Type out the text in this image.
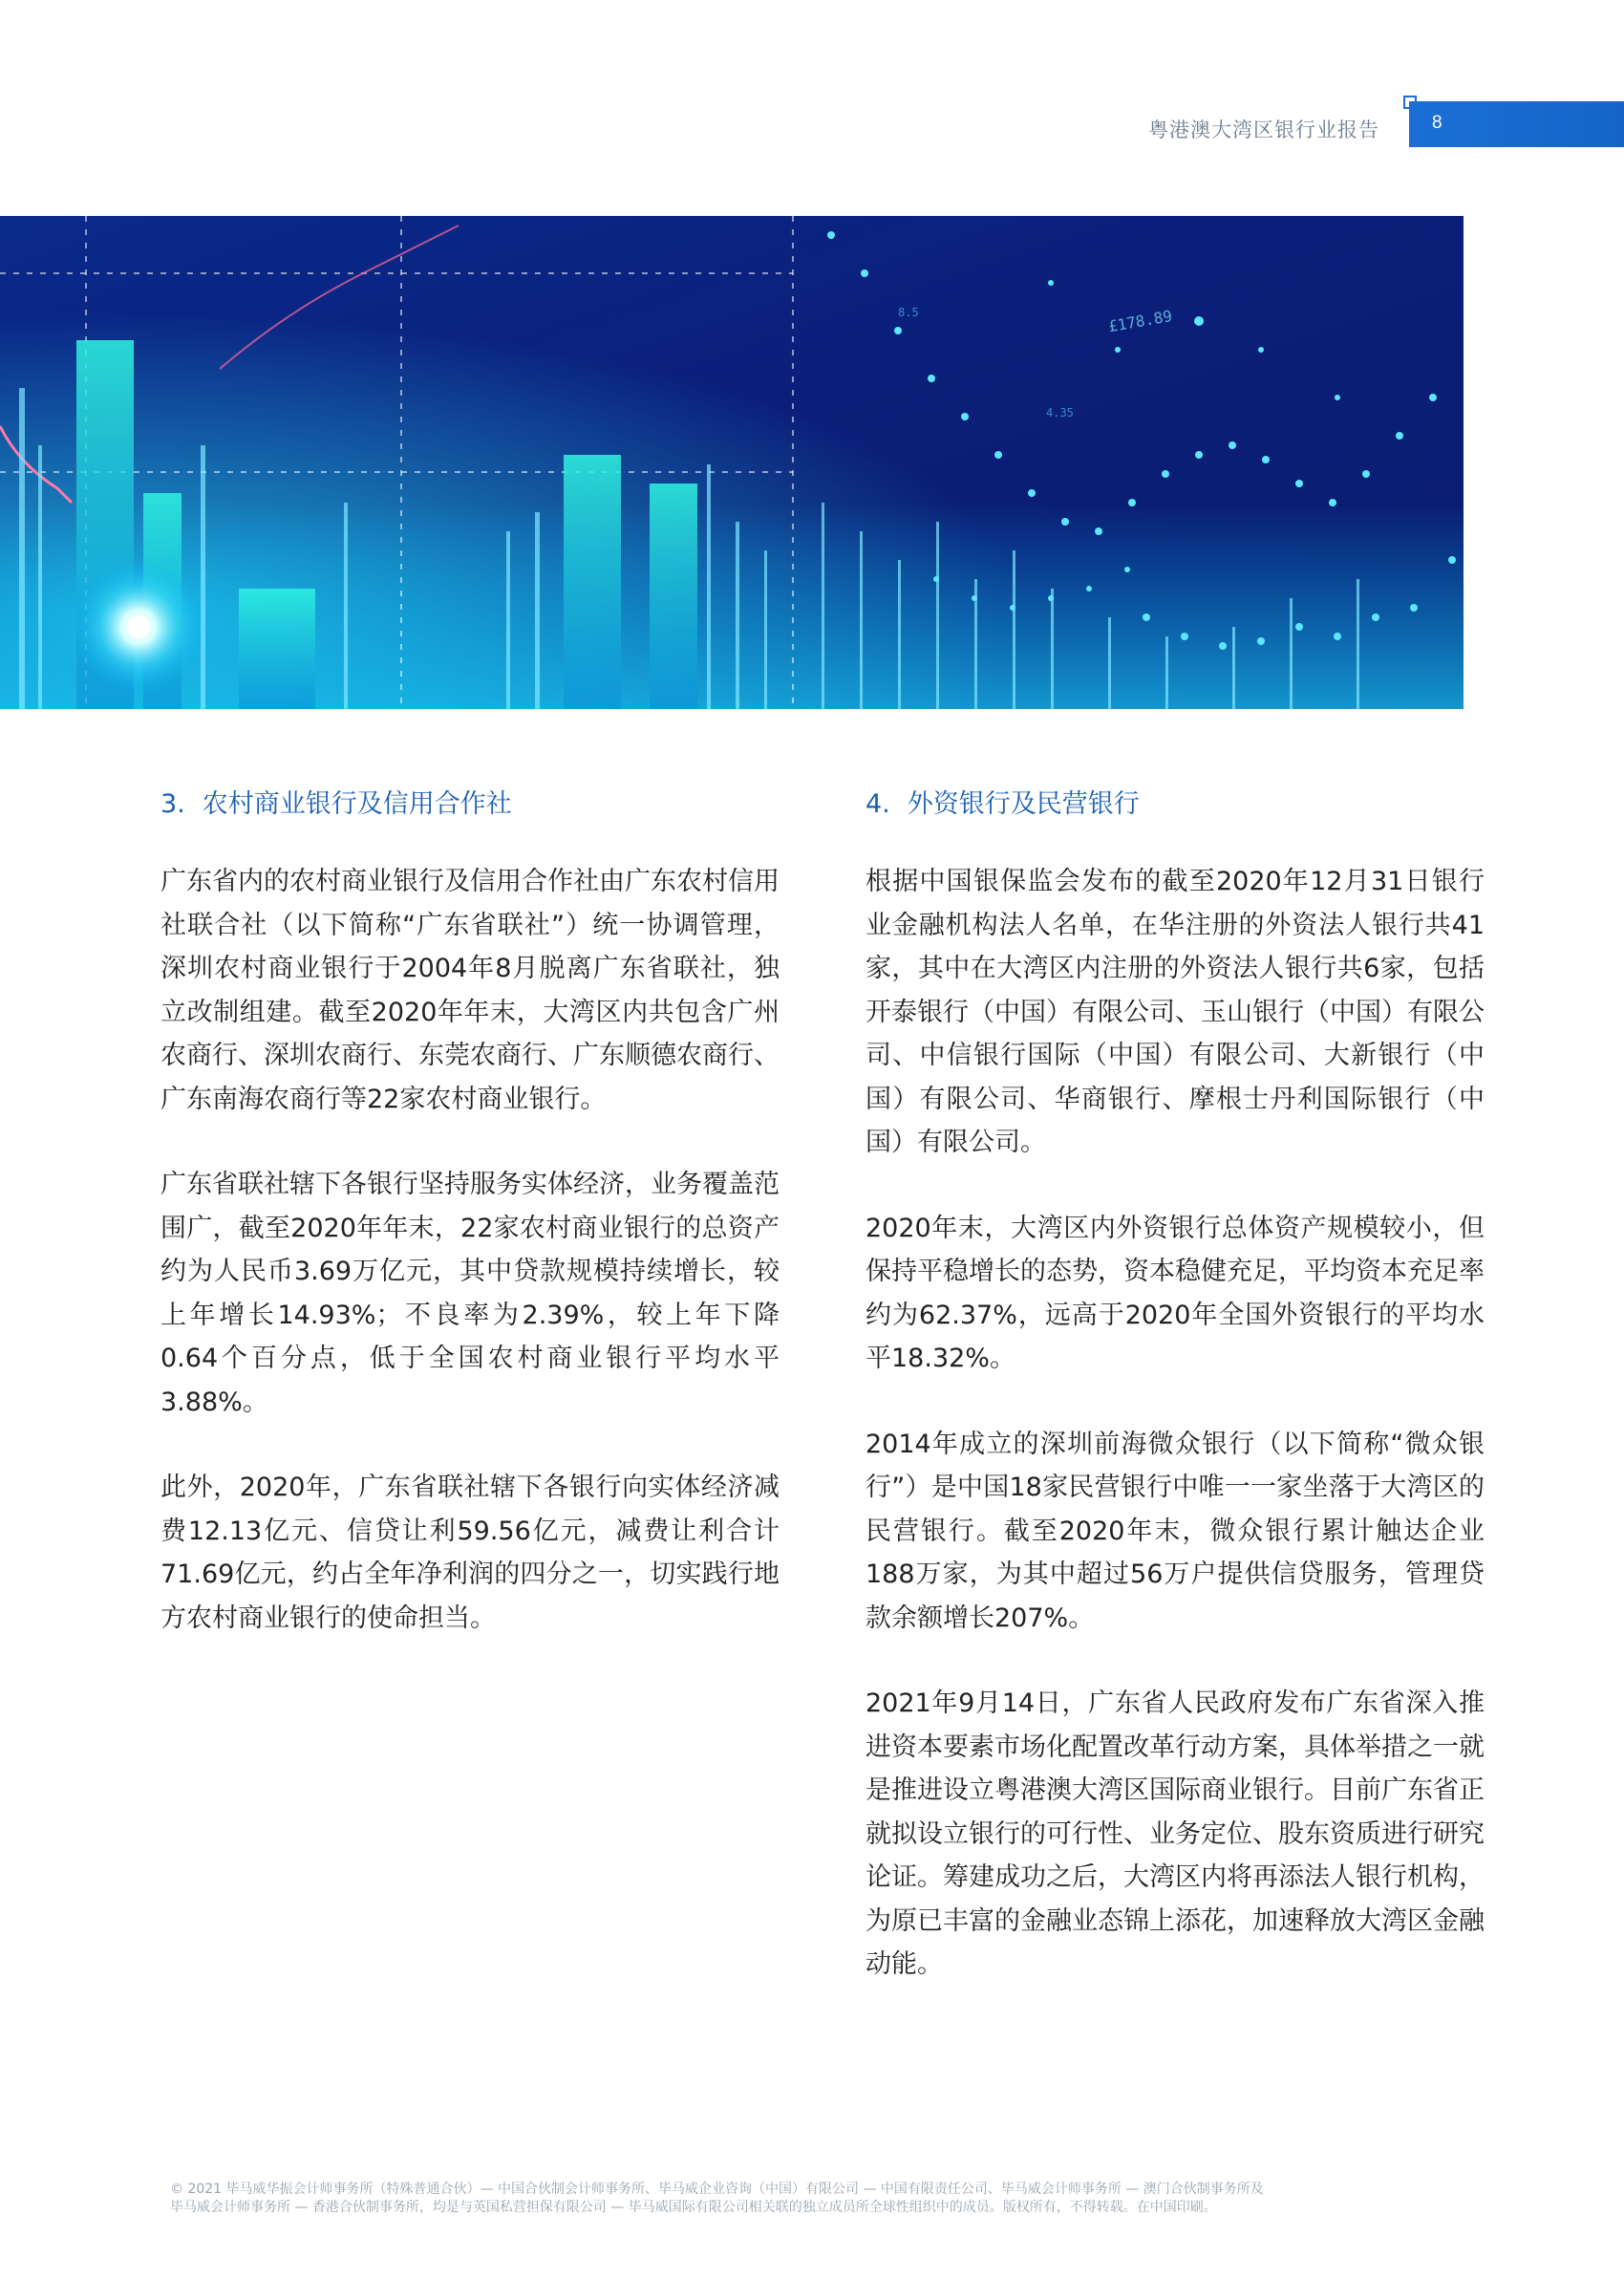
粤港澳大湾区银行业报告	8
8.5
4.35
£178.89
3. 农村商业银行及信用合作社

广东省内的农村商业银行及信用合作社由广东农村信用社联合社（以下简称“广东省联社”）统一协调管理，深圳农村商业银行于2004年8月脱离广东省联社，独立改制组建。截至2020年年末，大湾区内共包含广州农商行、深圳农商行、东莞农商行、广东顺德农商行、广东南海农商行等22家农村商业银行。

广东省联社辖下各银行坚持服务实体经济，业务覆盖范围广，截至2020年年末，22家农村商业银行的总资产约为人民币3.69万亿元，其中贷款规模持续增长，较上年增长14.93%；不良率为2.39%，较上年下降0.64个百分点，低于全国农村商业银行平均水平3.88%。

此外，2020年，广东省联社辖下各银行向实体经济减费12.13亿元、信贷让利59.56亿元，减费让利合计71.69亿元，约占全年净利润的四分之一，切实践行地方农村商业银行的使命担当。

4. 外资银行及民营银行

根据中国银保监会发布的截至2020年12月31日银行业金融机构法人名单，在华注册的外资法人银行共41家，其中在大湾区内注册的外资法人银行共6家，包括开泰银行（中国）有限公司、玉山银行（中国）有限公司、中信银行国际（中国）有限公司、大新银行（中国）有限公司、华商银行、摩根士丹利国际银行（中国）有限公司。

2020年末，大湾区内外资银行总体资产规模较小，但保持平稳增长的态势，资本稳健充足，平均资本充足率约为62.37%，远高于2020年全国外资银行的平均水平18.32%。

2014年成立的深圳前海微众银行（以下简称“微众银行”）是中国18家民营银行中唯一一家坐落于大湾区的民营银行。截至2020年末，微众银行累计触达企业188万家，为其中超过56万户提供信贷服务，管理贷款余额增长207%。

2021年9月14日，广东省人民政府发布广东省深入推进资本要素市场化配置改革行动方案，具体举措之一就是推进设立粤港澳大湾区国际商业银行。目前广东省正就拟设立银行的可行性、业务定位、股东资质进行研究论证。筹建成功之后，大湾区内将再添法人银行机构，为原已丰富的金融业态锦上添花，加速释放大湾区金融动能。

© 2021 毕马威华振会计师事务所（特殊普通合伙）— 中国合伙制会计师事务所、毕马威企业咨询（中国）有限公司 — 中国有限责任公司、毕马威会计师事务所 — 澳门合伙制事务所及
毕马威会计师事务所 — 香港合伙制事务所，均是与英国私营担保有限公司 — 毕马威国际有限公司相关联的独立成员所全球性组织中的成员。版权所有，不得转载。在中国印刷。
